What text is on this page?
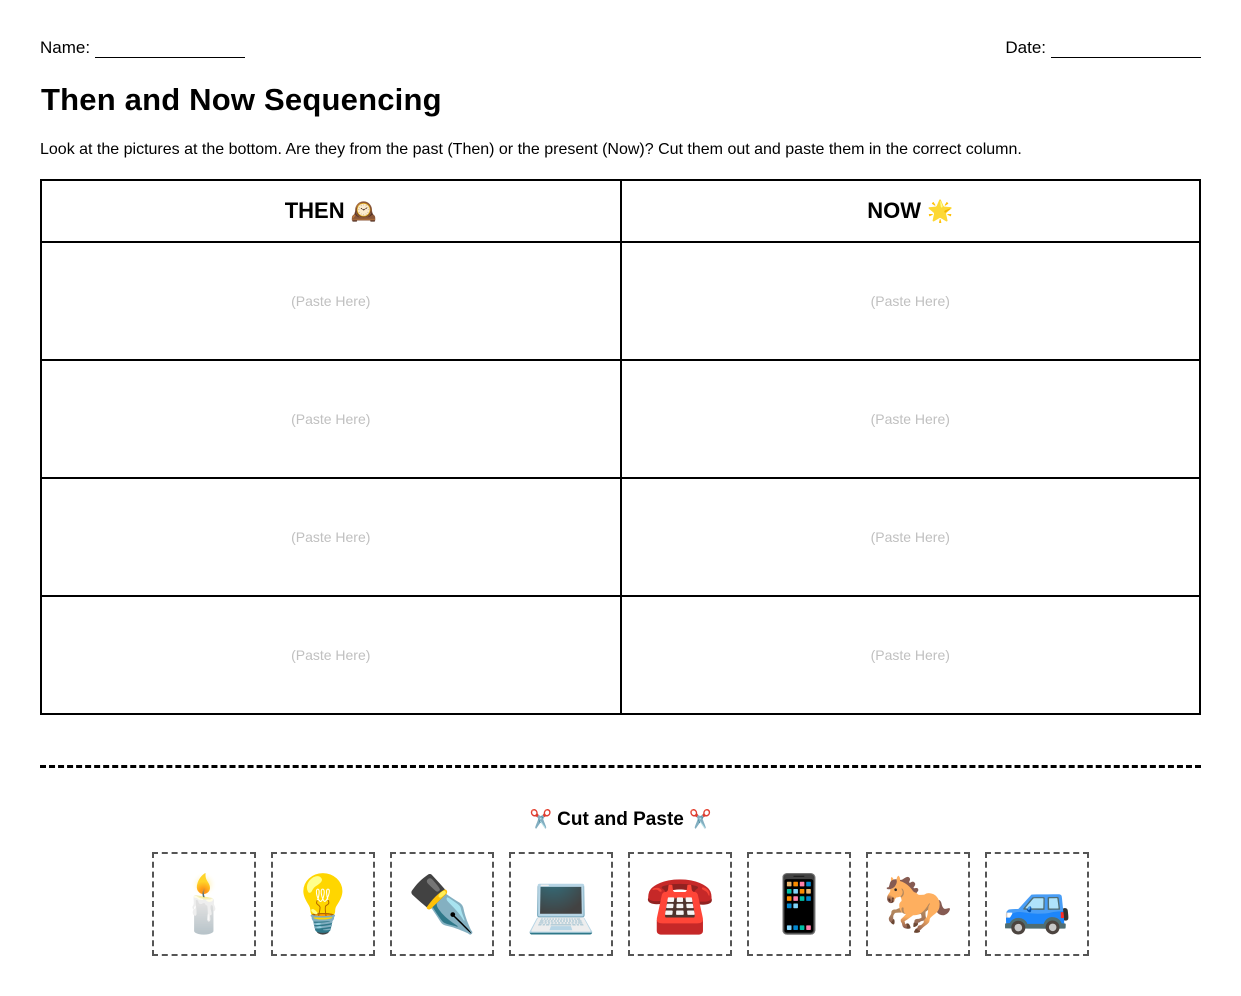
Name:	Date:
Then and Now Sequencing

Look at the pictures at the bottom. Are they from the past (Then) or the present (Now)? Cut them out and paste them in the correct column.

THEN 🕰️	NOW 🌟
(Paste Here)	(Paste Here)
(Paste Here)	(Paste Here)
(Paste Here)	(Paste Here)
(Paste Here)	(Paste Here)
✂️ Cut and Paste ✂️
🕯️ 💡 ✒️ 💻 ☎️ 📱 🐎 🚙
